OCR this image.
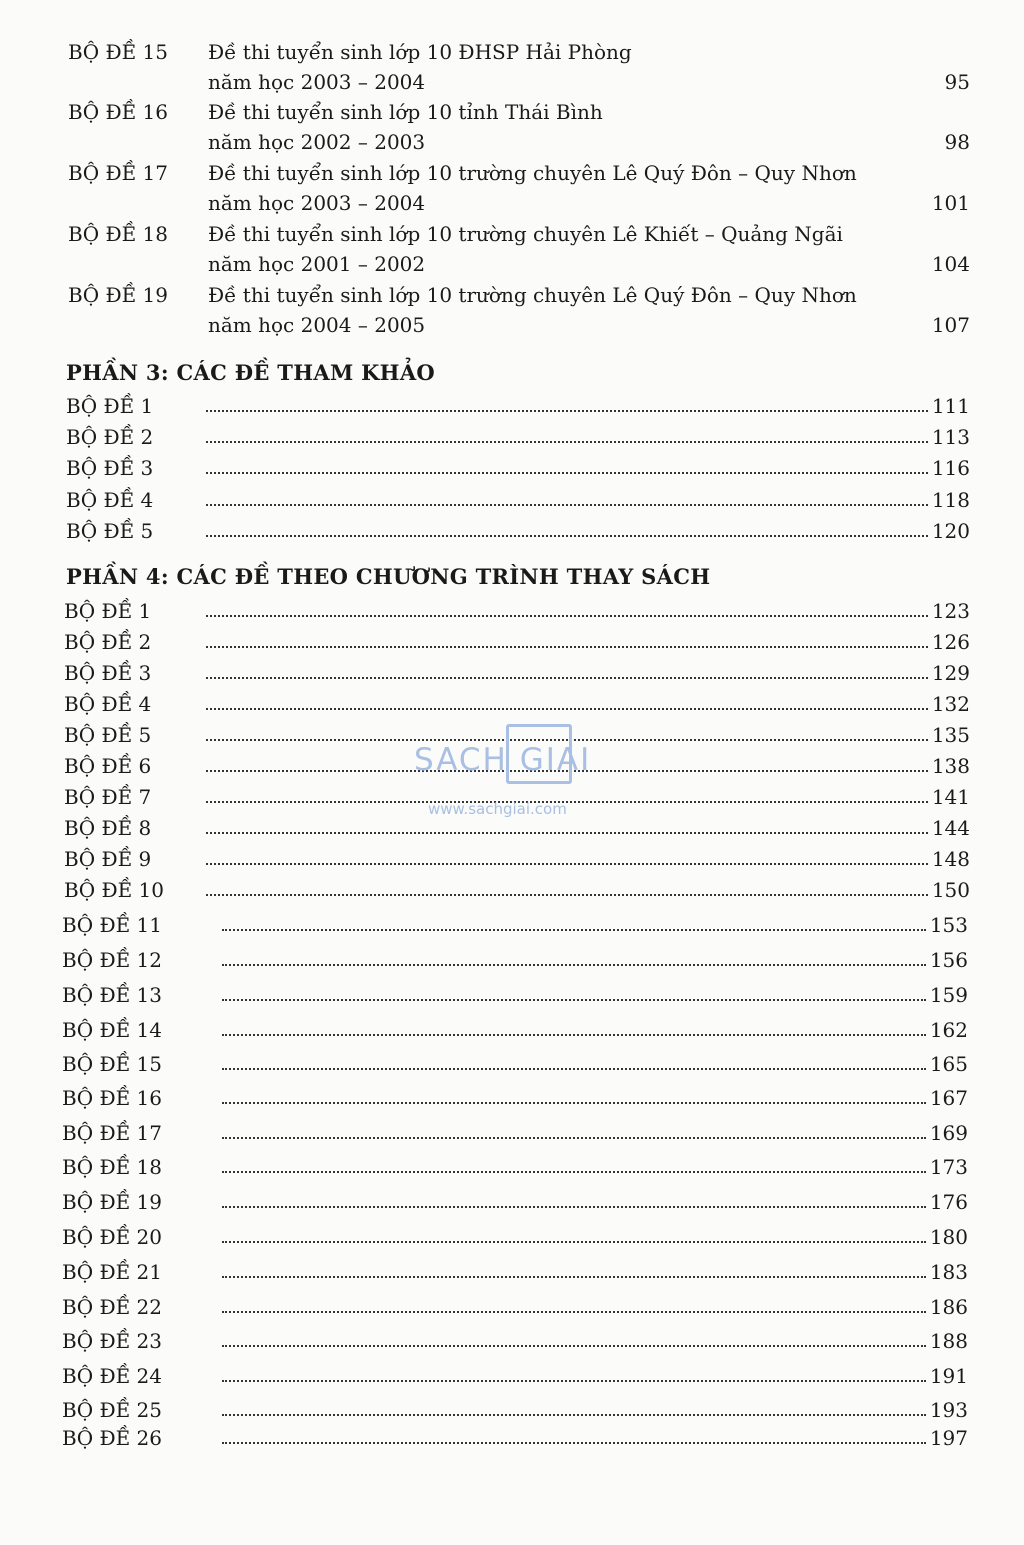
BỘ ĐỀ 15 Đề thi tuyển sinh lớp 10 ĐHSP Hải Phòng
năm học 2003 – 2004	95
BỘ ĐỀ 16 Đề thi tuyển sinh lớp 10 tỉnh Thái Bình
năm học 2002 – 2003	98
BỘ ĐỀ 17 Đề thi tuyển sinh lớp 10 trường chuyên Lê Quý Đôn – Quy Nhơn
năm học 2003 – 2004	101
BỘ ĐỀ 18 Đề thi tuyển sinh lớp 10 trường chuyên Lê Khiết – Quảng Ngãi
năm học 2001 – 2002	104
BỘ ĐỀ 19 Đề thi tuyển sinh lớp 10 trường chuyên Lê Quý Đôn – Quy Nhơn
năm học 2004 – 2005	107
PHẦN 3: CÁC ĐỀ THAM KHẢO
BỘ ĐỀ 1	111
BỘ ĐỀ 2	113
BỘ ĐỀ 3	116
BỘ ĐỀ 4	118
BỘ ĐỀ 5	120
PHẦN 4: CÁC ĐỀ THEO CHƯƠNG TRÌNH THAY SÁCH
BỘ ĐỀ 1	123
BỘ ĐỀ 2	126
BỘ ĐỀ 3	129
BỘ ĐỀ 4	132
BỘ ĐỀ 5	135
BỘ ĐỀ 6	138
BỘ ĐỀ 7	141
BỘ ĐỀ 8	144
BỘ ĐỀ 9	148
BỘ ĐỀ 10	150
BỘ ĐỀ 11	153
BỘ ĐỀ 12	156
BỘ ĐỀ 13	159
BỘ ĐỀ 14	162
BỘ ĐỀ 15	165
BỘ ĐỀ 16	167
BỘ ĐỀ 17	169
BỘ ĐỀ 18	173
BỘ ĐỀ 19	176
BỘ ĐỀ 20	180
BỘ ĐỀ 21	183
BỘ ĐỀ 22	186
BỘ ĐỀ 23	188
BỘ ĐỀ 24	191
BỘ ĐỀ 25	193
BỘ ĐỀ 26	197
SACH GIAI
www.sachgiai.com
